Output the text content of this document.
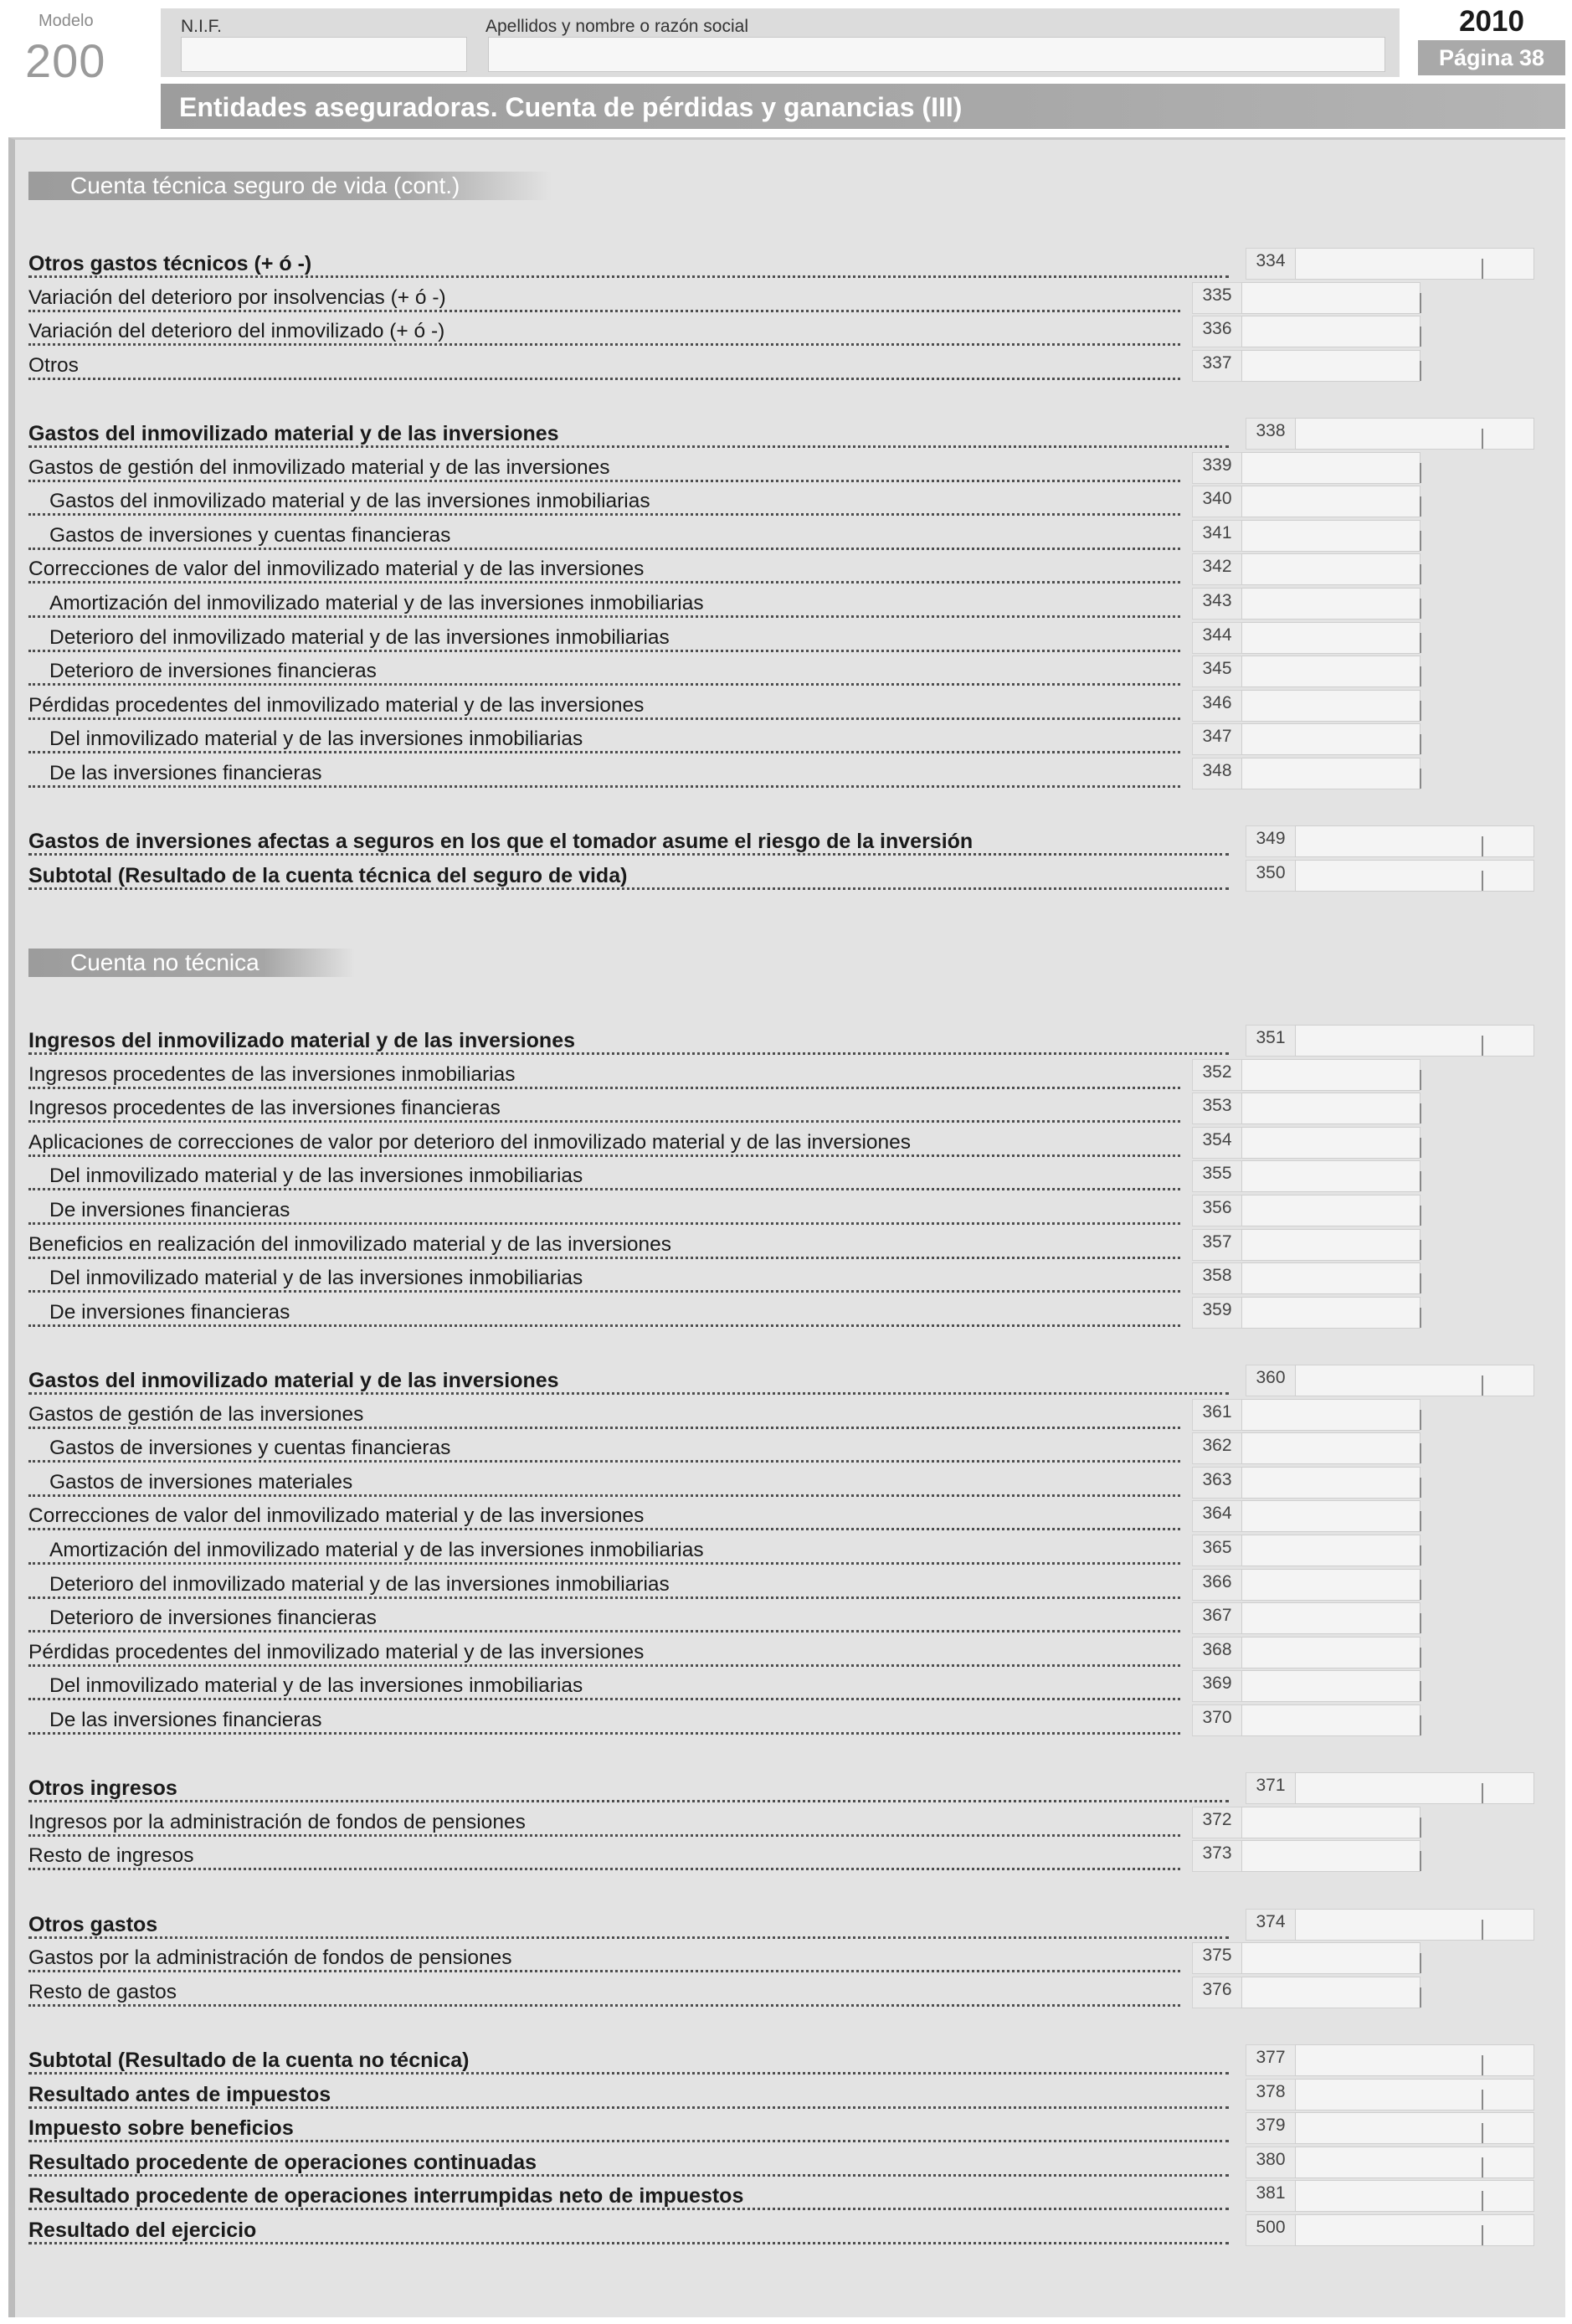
Modelo
200
N.I.F.	Apellidos y nombre o razón social	2010
Página 38
Entidades aseguradoras. Cuenta de pérdidas y ganancias (III)
Cuenta técnica seguro de vida (cont.)
Otros gastos técnicos (+ ó -)	334
Variación del deterioro por insolvencias (+ ó -)	335
Variación del deterioro del inmovilizado (+ ó -)	336
Otros	337
Gastos del inmovilizado material y de las inversiones	338
Gastos de gestión del inmovilizado material y de las inversiones	339
Gastos del inmovilizado material y de las inversiones inmobiliarias	340
Gastos de inversiones y cuentas financieras	341
Correcciones de valor del inmovilizado material y de las inversiones	342
Amortización del inmovilizado material y de las inversiones inmobiliarias	343
Deterioro del inmovilizado material y de las inversiones inmobiliarias	344
Deterioro de inversiones financieras	345
Pérdidas procedentes del inmovilizado material y de las inversiones	346
Del inmovilizado material y de las inversiones inmobiliarias	347
De las inversiones financieras	348
Gastos de inversiones afectas a seguros en los que el tomador asume el riesgo de la inversión	349
Subtotal (Resultado de la cuenta técnica del seguro de vida)	350
Cuenta no técnica
Ingresos del inmovilizado material y de las inversiones	351
Ingresos procedentes de las inversiones inmobiliarias	352
Ingresos procedentes de las inversiones financieras	353
Aplicaciones de correcciones de valor por deterioro del inmovilizado material y de las inversiones	354
Del inmovilizado material y de las inversiones inmobiliarias	355
De inversiones financieras	356
Beneficios en realización del inmovilizado material y de las inversiones	357
Del inmovilizado material y de las inversiones inmobiliarias	358
De inversiones financieras	359
Gastos del inmovilizado material y de las inversiones	360
Gastos de gestión de las inversiones	361
Gastos de inversiones y cuentas financieras	362
Gastos de inversiones materiales	363
Correcciones de valor del inmovilizado material y de las inversiones	364
Amortización del inmovilizado material y de las inversiones inmobiliarias	365
Deterioro del inmovilizado material y de las inversiones inmobiliarias	366
Deterioro de inversiones financieras	367
Pérdidas procedentes del inmovilizado material y de las inversiones	368
Del inmovilizado material y de las inversiones inmobiliarias	369
De las inversiones financieras	370
Otros ingresos	371
Ingresos por la administración de fondos de pensiones	372
Resto de ingresos	373
Otros gastos	374
Gastos por la administración de fondos de pensiones	375
Resto de gastos	376
Subtotal (Resultado de la cuenta no técnica)	377
Resultado antes de impuestos	378
Impuesto sobre beneficios	379
Resultado procedente de operaciones continuadas	380
Resultado procedente de operaciones interrumpidas neto de impuestos	381
Resultado del ejercicio	500
